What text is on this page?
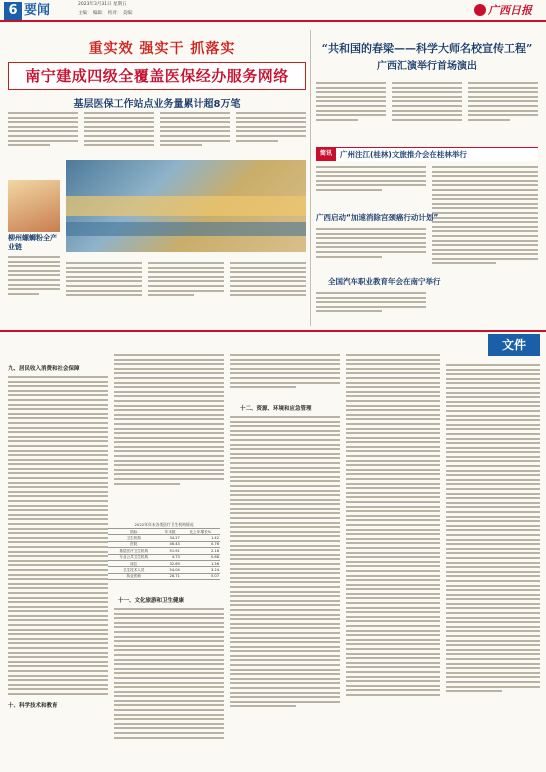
6 要闻	2023年3月31日 星期五
主编： 编辑： 校对： 美编：	广西日报
重实效 强实干 抓落实
南宁建成四级全覆盖医保经办服务网络
基层医保工作站点业务量累计超8万笔
柳州螺蛳粉全产业链
“共和国的春梁——科学大师名校宣传工程”
广西汇演举行首场演出
简讯	广州注江(桂林)文旅推介会在桂林举行
广西启动“加速消除宫颈癌行动计划”
全国汽车职业教育年会在南宁举行
文件
九、居民收入消费和社会保障
十、科学技术和教育
2022年年末各类医疗卫生机构情况
指标	年末数	比上年增长%
卫生机构	34.27	1.42
医院	46.43	0.76
基层医疗卫生机构	51.91	2.18
专业公共卫生机构	4.73	0.68
床位	32.69	1.56
卫生技术人员	54.04	3.24
执业医师	28.71	5.07
十一、文化旅游和卫生健康
十二、资源、环境和应急管理
